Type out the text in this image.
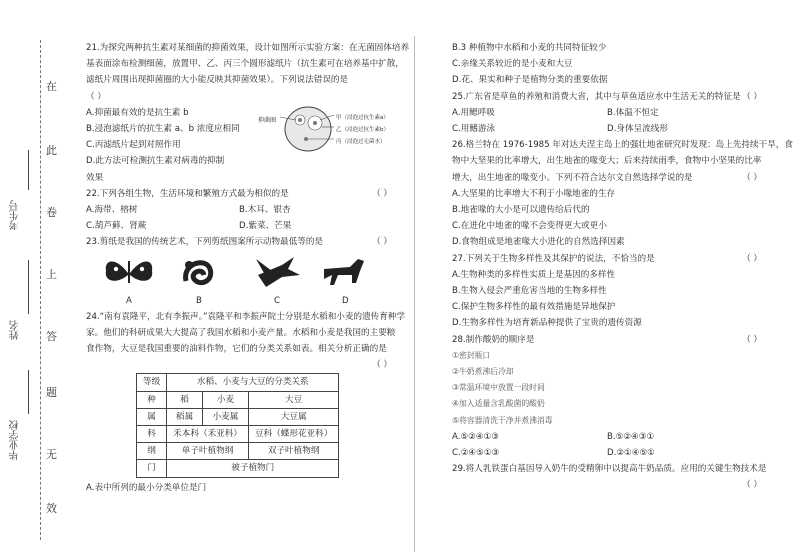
在
此
卷
上
答
题
无
效
考生号
姓名
毕业学校
21.为探究两种抗生素对某细菌的抑菌效果，设计如图所示实验方案：在无菌固体培养
基表面涂布检测细菌，放置甲、乙、丙三个圆形滤纸片（抗生素可在培养基中扩散，
滤纸片周围出现抑菌圈的大小能反映其抑菌效果）。下列说法错误的是
（ ）
A.抑菌最有效的是抗生素 b
B.浸泡滤纸片的抗生素 a、b 浓度应相同
C.丙滤纸片起到对照作用
D.此方法可检测抗生素对病毒的抑制
效果
抑菌圈	甲（浸泡过抗生素a）
乙（浸泡过抗生素b）
丙（浸泡过无菌水）
22.下列各组生物，生活环境和繁殖方式最为相似的是	（ ）
A.海带、榕树	B.木耳、银杏
C.葫芦藓、肾蕨	D.紫菜、芒果
23.剪纸是我国的传统艺术，下列剪纸图案所示动物最低等的是	（ ）
A	B	C	D
24.“南有袁隆平，北有李振声。”袁隆平和李振声院士分别是水稻和小麦的遗传育种学
家。他们的科研成果大大提高了我国水稻和小麦产量。水稻和小麦是我国的主要粮
食作物，大豆是我国重要的油料作物，它们的分类关系如表。相关分析正确的是
（ ）
等级	水稻、小麦与大豆的分类关系		
种	稻	小麦	大豆
属	稻属	小麦属	大豆属
科	禾本科（禾亚科）		豆科（蝶形花亚科）
纲	单子叶植物纲		双子叶植物纲
门	被子植物门		
A.表中所列的最小分类单位是门
B.3 种植物中水稻和小麦的共同特征较少
C.亲缘关系较近的是小麦和大豆
D.花、果实和种子是植物分类的重要依据
25.广东省是草鱼的养殖和消费大省，其中与草鱼适应水中生活无关的特征是 （ ）
A.用鳃呼吸	B.体温不恒定
C.用鳍游泳	D.身体呈流线形
26.格兰特在 1976-1985 年对达夫涅主岛上的强壮地雀研究时发现：岛上先持续干旱，食
物中大坚果的比率增大，出生地雀的喙变大；后来持续雨季，食物中小坚果的比率
增大，出生地雀的喙变小。下列不符合达尔文自然选择学说的是	（ ）
A.大坚果的比率增大不利于小喙地雀的生存
B.地雀喙的大小是可以遗传给后代的
C.在进化中地雀的喙不会变得更大或更小
D.食物组成是地雀喙大小进化的自然选择因素
27.下列关于生物多样性及其保护的说法，不恰当的是	（ ）
A.生物种类的多样性实质上是基因的多样性
B.生物入侵会严重危害当地的生物多样性
C.保护生物多样性的最有效措施是异地保护
D.生物多样性为培育新品种提供了宝贵的遗传资源
28.制作酸奶的顺序是	（ ）
①密封瓶口
②牛奶煮沸后冷却
③常温环境中放置一段时间
④加入适量含乳酸菌的酸奶
⑤将容器清洗干净并煮沸消毒
A.⑤②④①③	B.⑤②④③①
C.②④⑤①③	D.②①④⑤①
29.将人乳铁蛋白基因导入奶牛的受精卵中以提高牛奶品质。应用的关键生物技术是
（ ）
